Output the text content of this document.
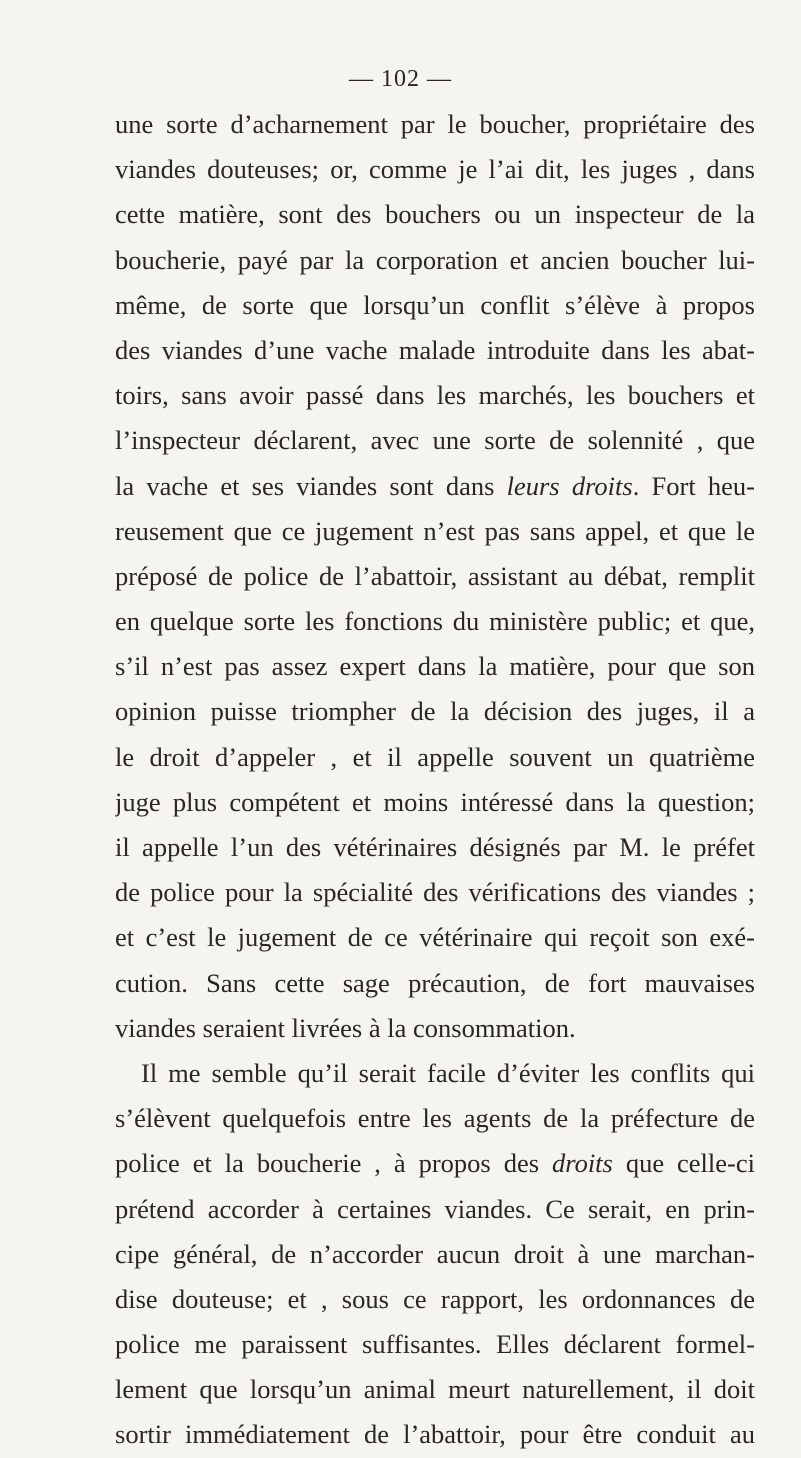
— 102 —
une sorte d’acharnement par le boucher, propriétaire des
viandes douteuses; or, comme je l’ai dit, les juges , dans
cette matière, sont des bouchers ou un inspecteur de la
boucherie, payé par la corporation et ancien boucher lui-
même, de sorte que lorsqu’un conflit s’élève à propos
des viandes d’une vache malade introduite dans les abat-
toirs, sans avoir passé dans les marchés, les bouchers et
l’inspecteur déclarent, avec une sorte de solennité , que
la vache et ses viandes sont dans leurs droits. Fort heu-
reusement que ce jugement n’est pas sans appel, et que le
préposé de police de l’abattoir, assistant au débat, remplit
en quelque sorte les fonctions du ministère public; et que,
s’il n’est pas assez expert dans la matière, pour que son
opinion puisse triompher de la décision des juges, il a
le droit d’appeler , et il appelle souvent un quatrième
juge plus compétent et moins intéressé dans la question;
il appelle l’un des vétérinaires désignés par M. le préfet
de police pour la spécialité des vérifications des viandes ;
et c’est le jugement de ce vétérinaire qui reçoit son exé-
cution. Sans cette sage précaution, de fort mauvaises
viandes seraient livrées à la consommation.
Il me semble qu’il serait facile d’éviter les conflits qui
s’élèvent quelquefois entre les agents de la préfecture de
police et la boucherie , à propos des droits que celle-ci
prétend accorder à certaines viandes. Ce serait, en prin-
cipe général, de n’accorder aucun droit à une marchan-
dise douteuse; et , sous ce rapport, les ordonnances de
police me paraissent suffisantes. Elles déclarent formel-
lement que lorsqu’un animal meurt naturellement, il doit
sortir immédiatement de l’abattoir, pour être conduit au
